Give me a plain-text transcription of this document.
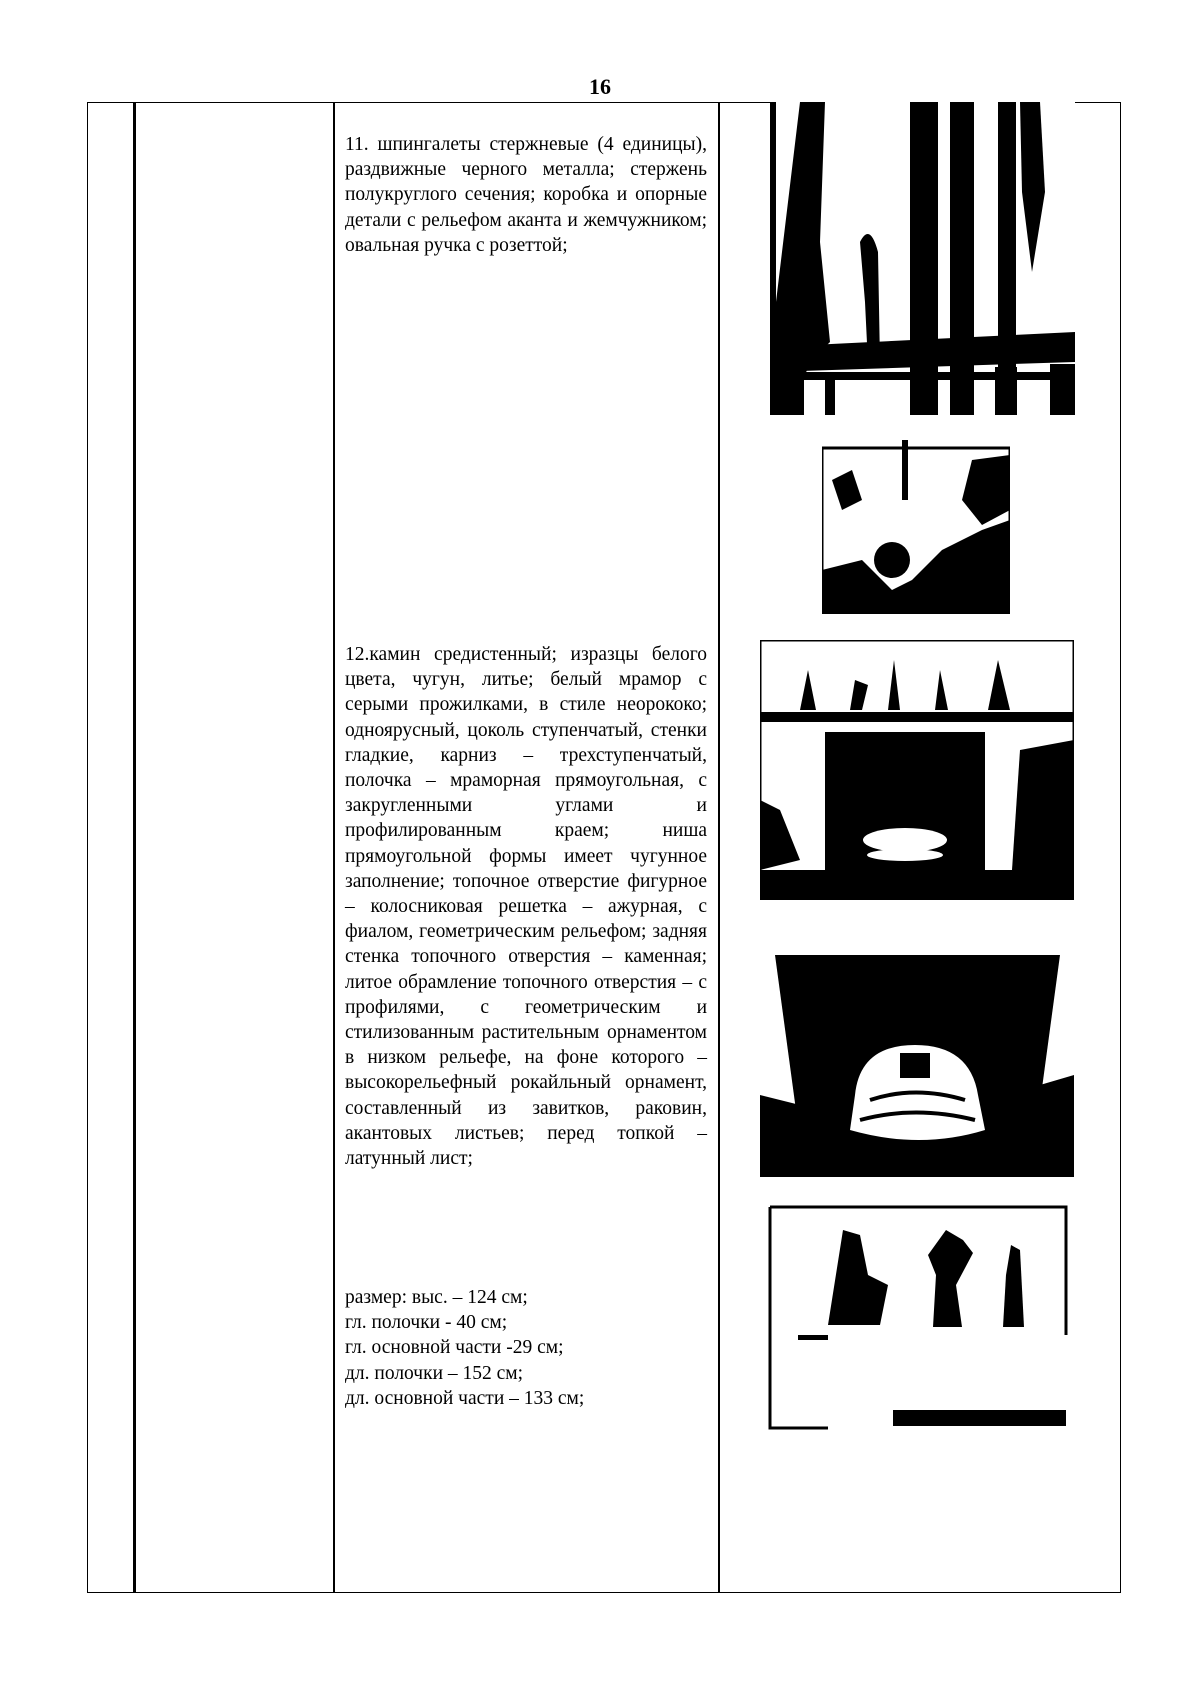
16

11. шпингалеты стержневые (4 единицы), раздвижные черного металла; стержень полукруглого сечения; коробка и опорные детали с рельефом аканта и жемчужником; овальная ручка с розеттой;

12.камин средистенный; изразцы белого цвета, чугун, литье; белый мрамор с серыми прожилками, в стиле неорококо; одноярусный, цоколь ступенчатый, стенки гладкие, карниз – трехступенчатый, полочка – мраморная прямоугольная, с закругленными углами и профилированным краем; ниша прямоугольной формы имеет чугунное заполнение; топочное отверстие фигурное – колосниковая решетка – ажурная, с фиалом, геометрическим рельефом; задняя стенка топочного отверстия – каменная; литое обрамление топочного отверстия – с профилями, с геометрическим и стилизованным растительным орнаментом в низком рельефе, на фоне которого – высокорельефный рокайльный орнамент, составленный из завитков, раковин, акантовых листьев; перед топкой – латунный лист;

размер: выс. – 124 см;
гл. полочки - 40 см;
гл. основной части -29 см;
дл. полочки – 152 см;
дл. основной части – 133 см;
